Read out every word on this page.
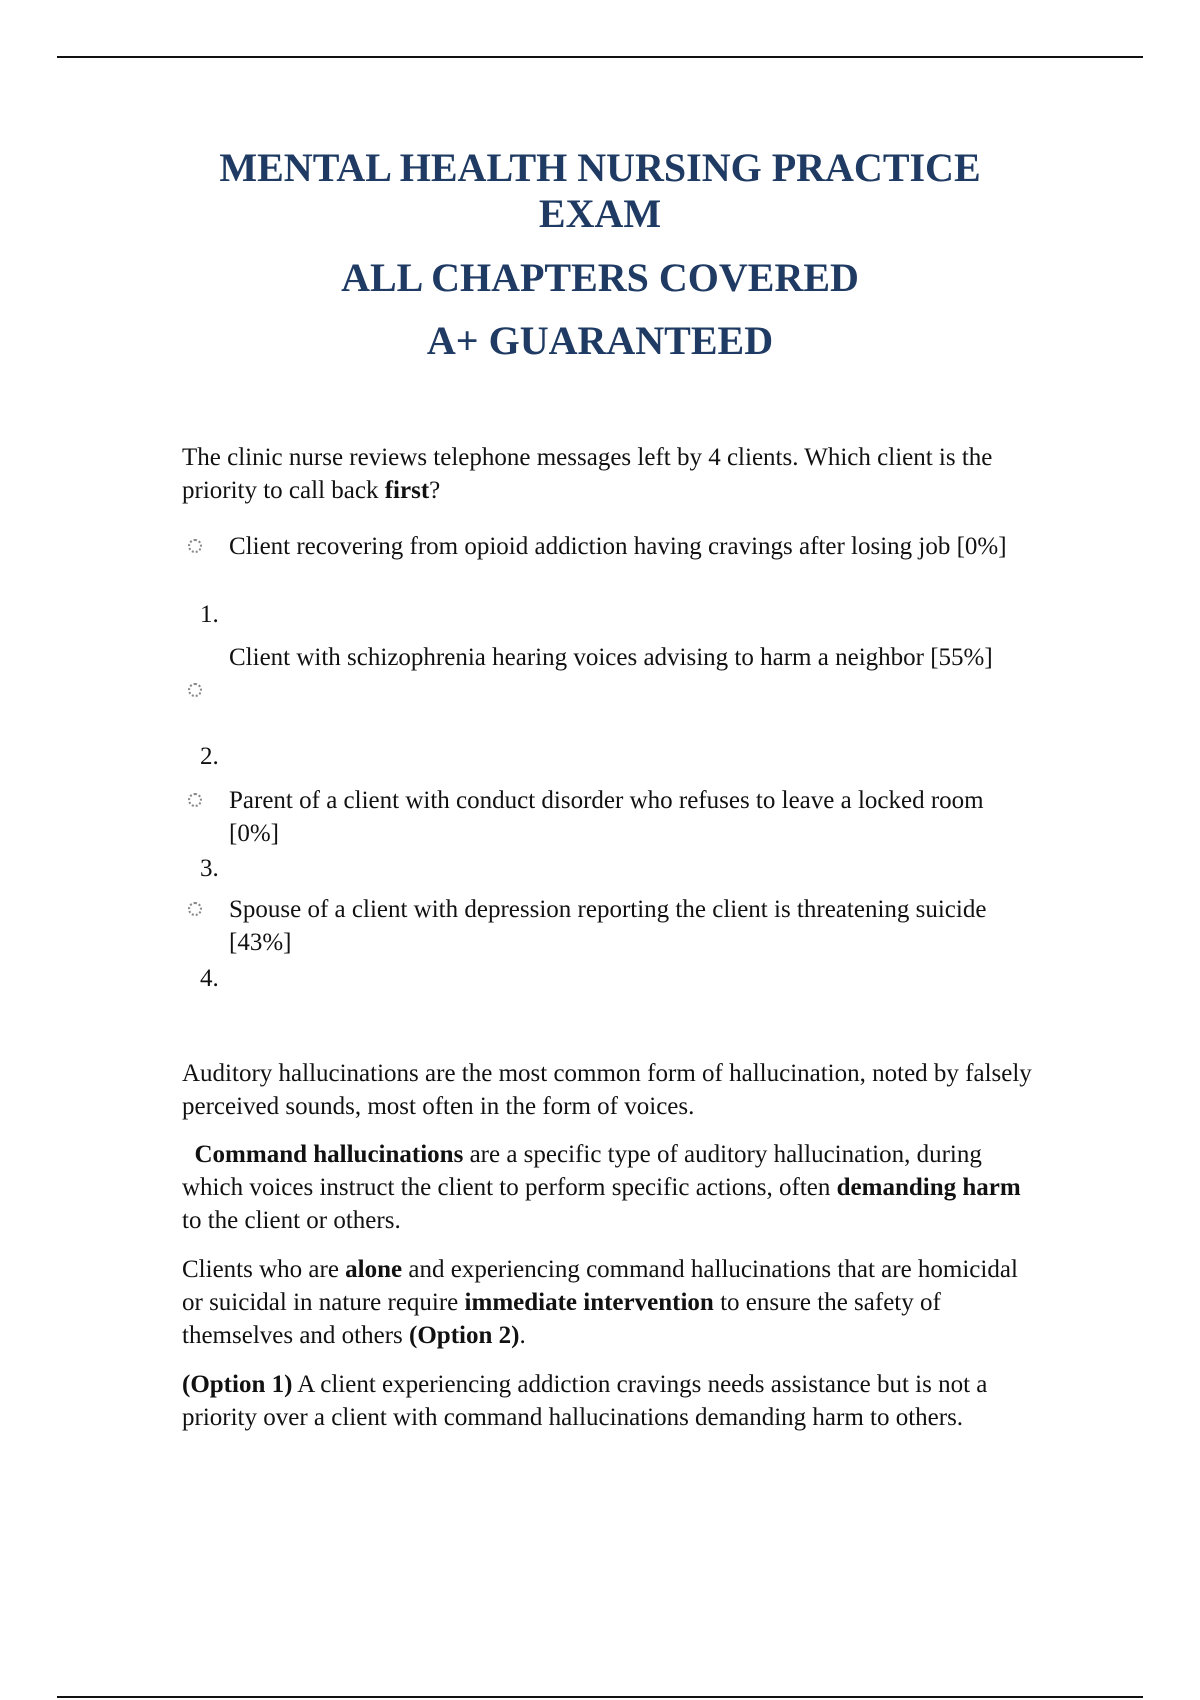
MENTAL HEALTH NURSING PRACTICE

EXAM

ALL CHAPTERS COVERED

A+ GUARANTEED

The clinic nurse reviews telephone messages left by 4 clients. Which client is the priority to call back first?
Client recovering from opioid addiction having cravings after losing job [0%]
1.
Client with schizophrenia hearing voices advising to harm a neighbor [55%]
2.
Parent of a client with conduct disorder who refuses to leave a locked room [0%]
3.
Spouse of a client with depression reporting the client is threatening suicide [43%]
4.
Auditory hallucinations are the most common form of hallucination, noted by falsely perceived sounds, most often in the form of voices.
Command hallucinations are a specific type of auditory hallucination, during which voices instruct the client to perform specific actions, often demanding harm to the client or others.
Clients who are alone and experiencing command hallucinations that are homicidal or suicidal in nature require immediate intervention to ensure the safety of themselves and others (Option 2).
(Option 1) A client experiencing addiction cravings needs assistance but is not a priority over a client with command hallucinations demanding harm to others.
